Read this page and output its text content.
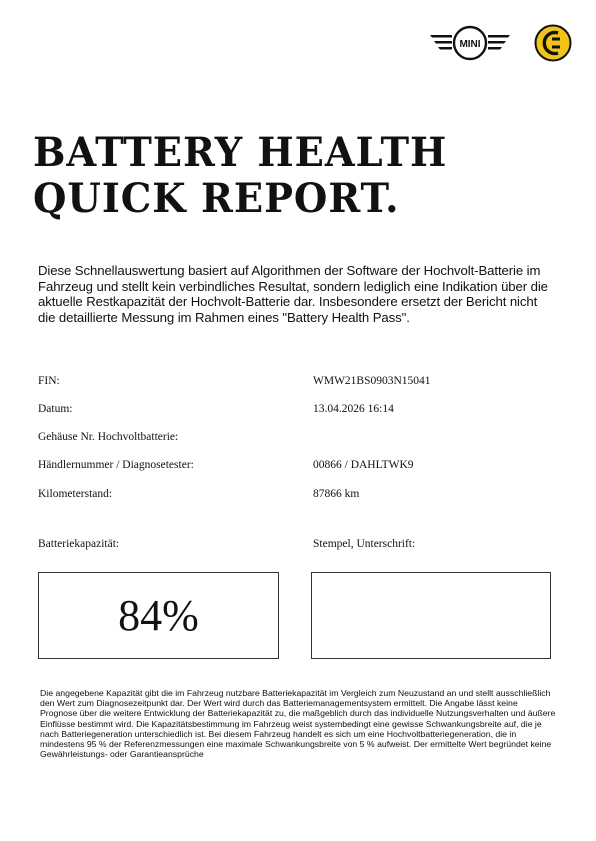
MINI
BATTERY HEALTH
QUICK REPORT.

Diese Schnellauswertung basiert auf Algorithmen der Software der Hochvolt-Batterie im Fahrzeug und stellt kein verbindliches Resultat, sondern lediglich eine Indikation über die aktuelle Restkapazität der Hochvolt-Batterie dar. Insbesondere ersetzt der Bericht nicht die detaillierte Messung im Rahmen eines "Battery Health Pass".

FIN:	WMW21BS0903N15041
Datum:	13.04.2026 16:14
Gehäuse Nr. Hochvoltbatterie:
Händlernummer / Diagnosetester:	00866 / DAHLTWK9
Kilometerstand:	87866 km
Batteriekapazität:	Stempel, Unterschrift:
84%

Die angegebene Kapazität gibt die im Fahrzeug nutzbare Batteriekapazität im Vergleich zum Neuzustand an und stellt ausschließlich den Wert zum Diagnosezeitpunkt dar. Der Wert wird durch das Batteriemanagementsystem ermittelt. Die Angabe lässt keine Prognose über die weitere Entwicklung der Batteriekapazität zu, die maßgeblich durch das individuelle Nutzungsverhalten und äußere Einflüsse bestimmt wird. Die Kapazitätsbestimmung im Fahrzeug weist systembedingt eine gewisse Schwankungsbreite auf, die je nach Batteriegeneration unterschiedlich ist. Bei diesem Fahrzeug handelt es sich um eine Hochvoltbatteriegeneration, die in mindestens 95 % der Referenzmessungen eine maximale Schwankungsbreite von 5 % aufweist. Der ermittelte Wert begründet keine Gewährleistungs- oder Garantieansprüche
